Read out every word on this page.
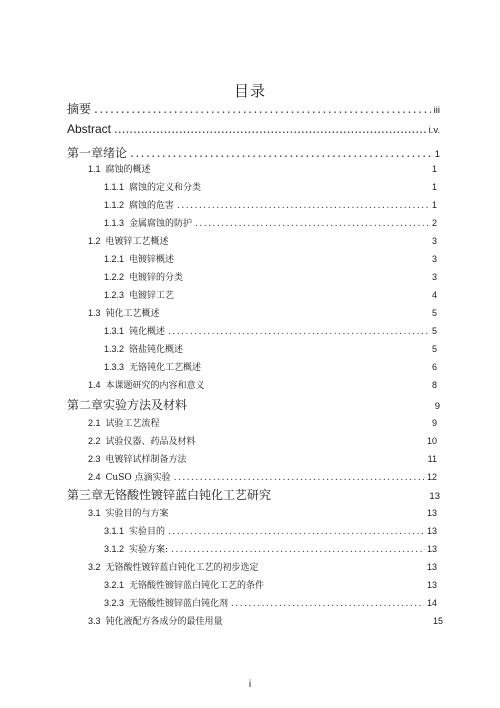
目录
摘要 .....	iii
Abstract .....	i.v.
第一章绪论 .....	1
1.1 腐蚀的概述	1
1.1.1 腐蚀的定义和分类	1
1.1.2 腐蚀的危害 .....	1
1.1.3 金属腐蚀的防护 .....	2
1.2 电镀锌工艺概述	3
1.2.1 电镀锌概述	3
1.2.2 电镀锌的分类	3
1.2.3 电镀锌工艺	4
1.3 钝化工艺概述	5
1.3.1 钝化概述 .....	5
1.3.2 铬盐钝化概述	5
1.3.3 无铬钝化工艺概述	6
1.4 本课题研究的内容和意义	8
第二章实验方法及材料	9
2.1 试验工艺流程	9
2.2 试验仪器、药品及材料	10
2.3 电镀锌试样制备方法	11
2.4 CuSO 点滴实验 .....	12
第三章无铬酸性镀锌蓝白钝化工艺研究	13
3.1 实验目的与方案	13
3.1.1 实验目的 .....	13
3.1.2 实验方案: .....	13
3.2 无铬酸性镀锌蓝白钝化工艺的初步选定	13
3.2.1 无铬酸性镀锌蓝白钝化工艺的条件	13
3.2.3 无铬酸性镀锌蓝白钝化剂 .....	14
3.3 钝化液配方各成分的最佳用量	15
i
